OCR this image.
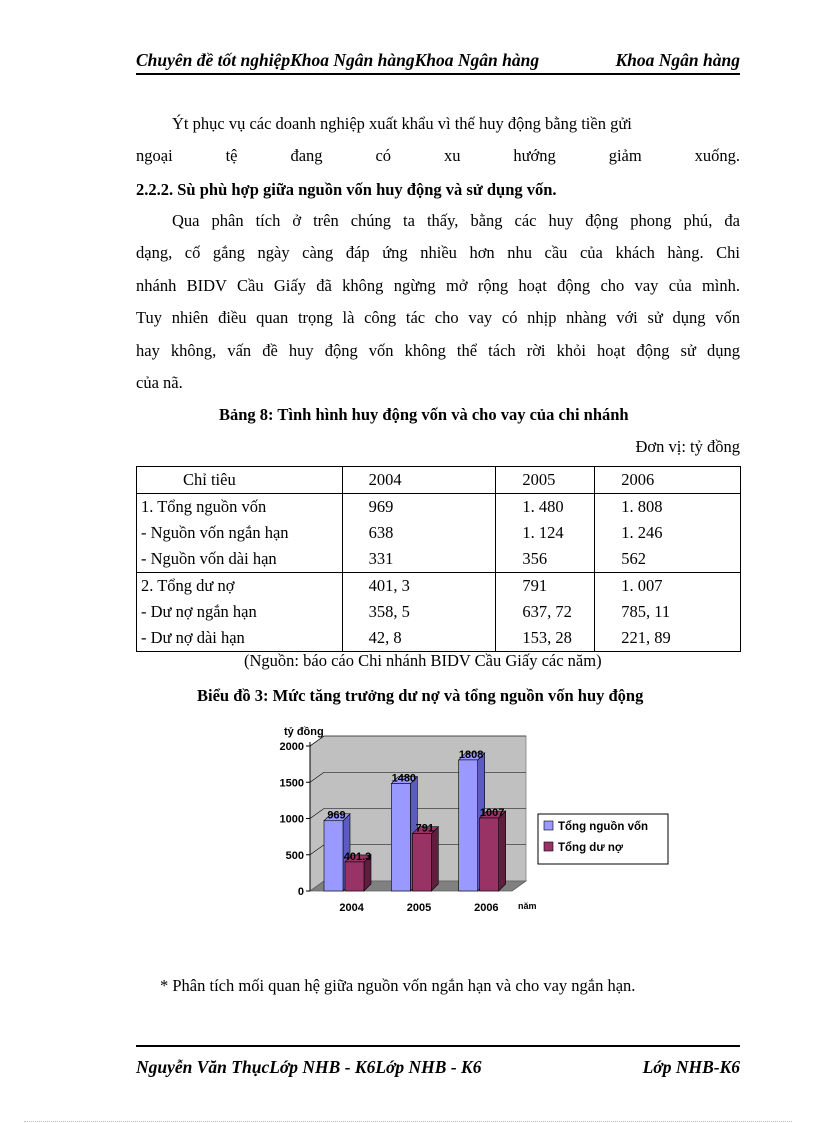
Chuyên đề tốt nghiệpKhoa Ngân hàngKhoa Ngân hàng	Khoa Ngân hàng
Ýt phục vụ các doanh nghiệp xuất khẩu vì thế huy động bằng tiền gửi
ngoại	tệ	đang	có	xu	hướng	giảm	xuống.
2.2.2. Sù phù hợp giữa nguồn vốn huy động và sử dụng vốn.
Qua phân tích ở trên chúng ta thấy, bằng các huy động phong phú, đa
dạng, cố gắng ngày càng đáp ứng nhiều hơn nhu cầu của khách hàng. Chi
nhánh BIDV Cầu Giấy đã không ngừng mở rộng hoạt động cho vay của mình.
Tuy nhiên điều quan trọng là công tác cho vay có nhịp nhàng với sử dụng vốn
hay không, vấn đề huy động vốn không thể tách rời khỏi hoạt động sử dụng
của nã.
Bảng 8: Tình hình huy động vốn và cho vay của chi nhánh
Đơn vị: tỷ đồng
Chỉ tiêu	2004	2005	2006
1. Tổng nguồn vốn	969	1. 480	1. 808
- Nguồn vốn ngắn hạn	638	1. 124	1. 246
- Nguồn vốn dài hạn	331	356	562
2. Tổng dư nợ	401, 3	791	1. 007
- Dư nợ ngắn hạn	358, 5	637, 72	785, 11
- Dư nợ dài hạn	42, 8	153, 28	221, 89
(Nguồn: báo cáo Chi nhánh BIDV Cầu Giấy các năm)
Biểu đồ 3: Mức tăng trưởng dư nợ và tổng nguồn vốn huy động
0
500
1000
1500
2000
tỷ đồng
969
401.3
2004
1480
791
2005
1808
1007
2006 năm
Tổng nguồn vốn
Tổng dư nợ
* Phân tích mối quan hệ giữa nguồn vốn ngắn hạn và cho vay ngắn hạn.
Nguyễn Văn ThụcLớp NHB - K6Lớp NHB - K6	Lớp NHB-K6
